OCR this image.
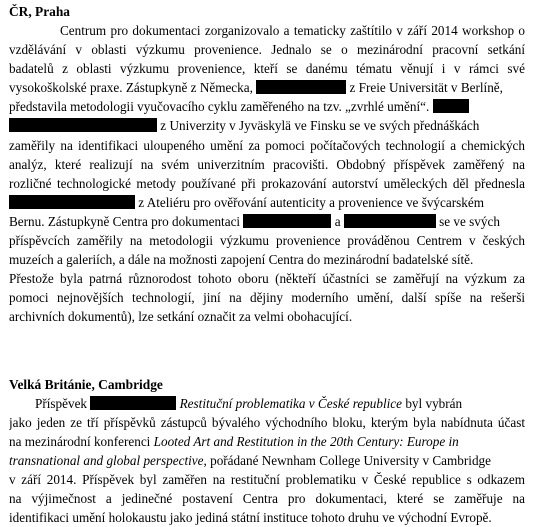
ČR, Praha
Centrum pro dokumentaci zorganizovalo a tematicky zaštítilo v září 2014 workshop o
vzdělávání v oblasti výzkumu provenience. Jednalo se o mezinárodní pracovní setkání
badatelů z oblasti výzkumu provenience, kteří se danému tématu věnují i v rámci své
vysokoškolské praxe. Zástupkyně z Německa,	z Freie Universität v Berlíně,
představila metodologii vyučovacího cyklu zaměřeného na tzv. „zvrhlé umění“.
z Univerzity v Jyväskylä ve Finsku se ve svých přednáškách
zaměřily na identifikaci uloupeného umění za pomoci počítačových technologií a chemických
analýz, které realizují na svém univerzitním pracovišti. Obdobný příspěvek zaměřený na
rozličné technologické metody používané při prokazování autorství uměleckých děl přednesla
z Ateliéru pro ověřování autenticity a provenience ve švýcarském
Bernu. Zástupkyně Centra pro dokumentaci	a	se ve svých
příspěvcích zaměřily na metodologii výzkumu provenience prováděnou Centrem v českých
muzeích a galeriích, a dále na možnosti zapojení Centra do mezinárodní badatelské sítě.
Přestože byla patrná různorodost tohoto oboru (někteří účastníci se zaměřují na výzkum za
pomoci nejnovějších technologií, jiní na dějiny moderního umění, další spíše na rešerši
archivních dokumentů), lze setkání označit za velmi obohacující.
Velká Británie, Cambridge
Příspěvek	Restituční problematika v České republice byl vybrán
jako jeden ze tří příspěvků zástupců bývalého východního bloku, kterým byla nabídnuta účast
na mezinárodní konferenci Looted Art and Restitution in the 20th Century: Europe in
transnational and global perspective, pořádané Newnham College University v Cambridge
v září 2014. Příspěvek byl zaměřen na restituční problematiku v České republice s odkazem
na výjimečnost a jedinečné postavení Centra pro dokumentaci, které se zaměřuje na
identifikaci umění holokaustu jako jediná státní instituce tohoto druhu ve východní Evropě.
